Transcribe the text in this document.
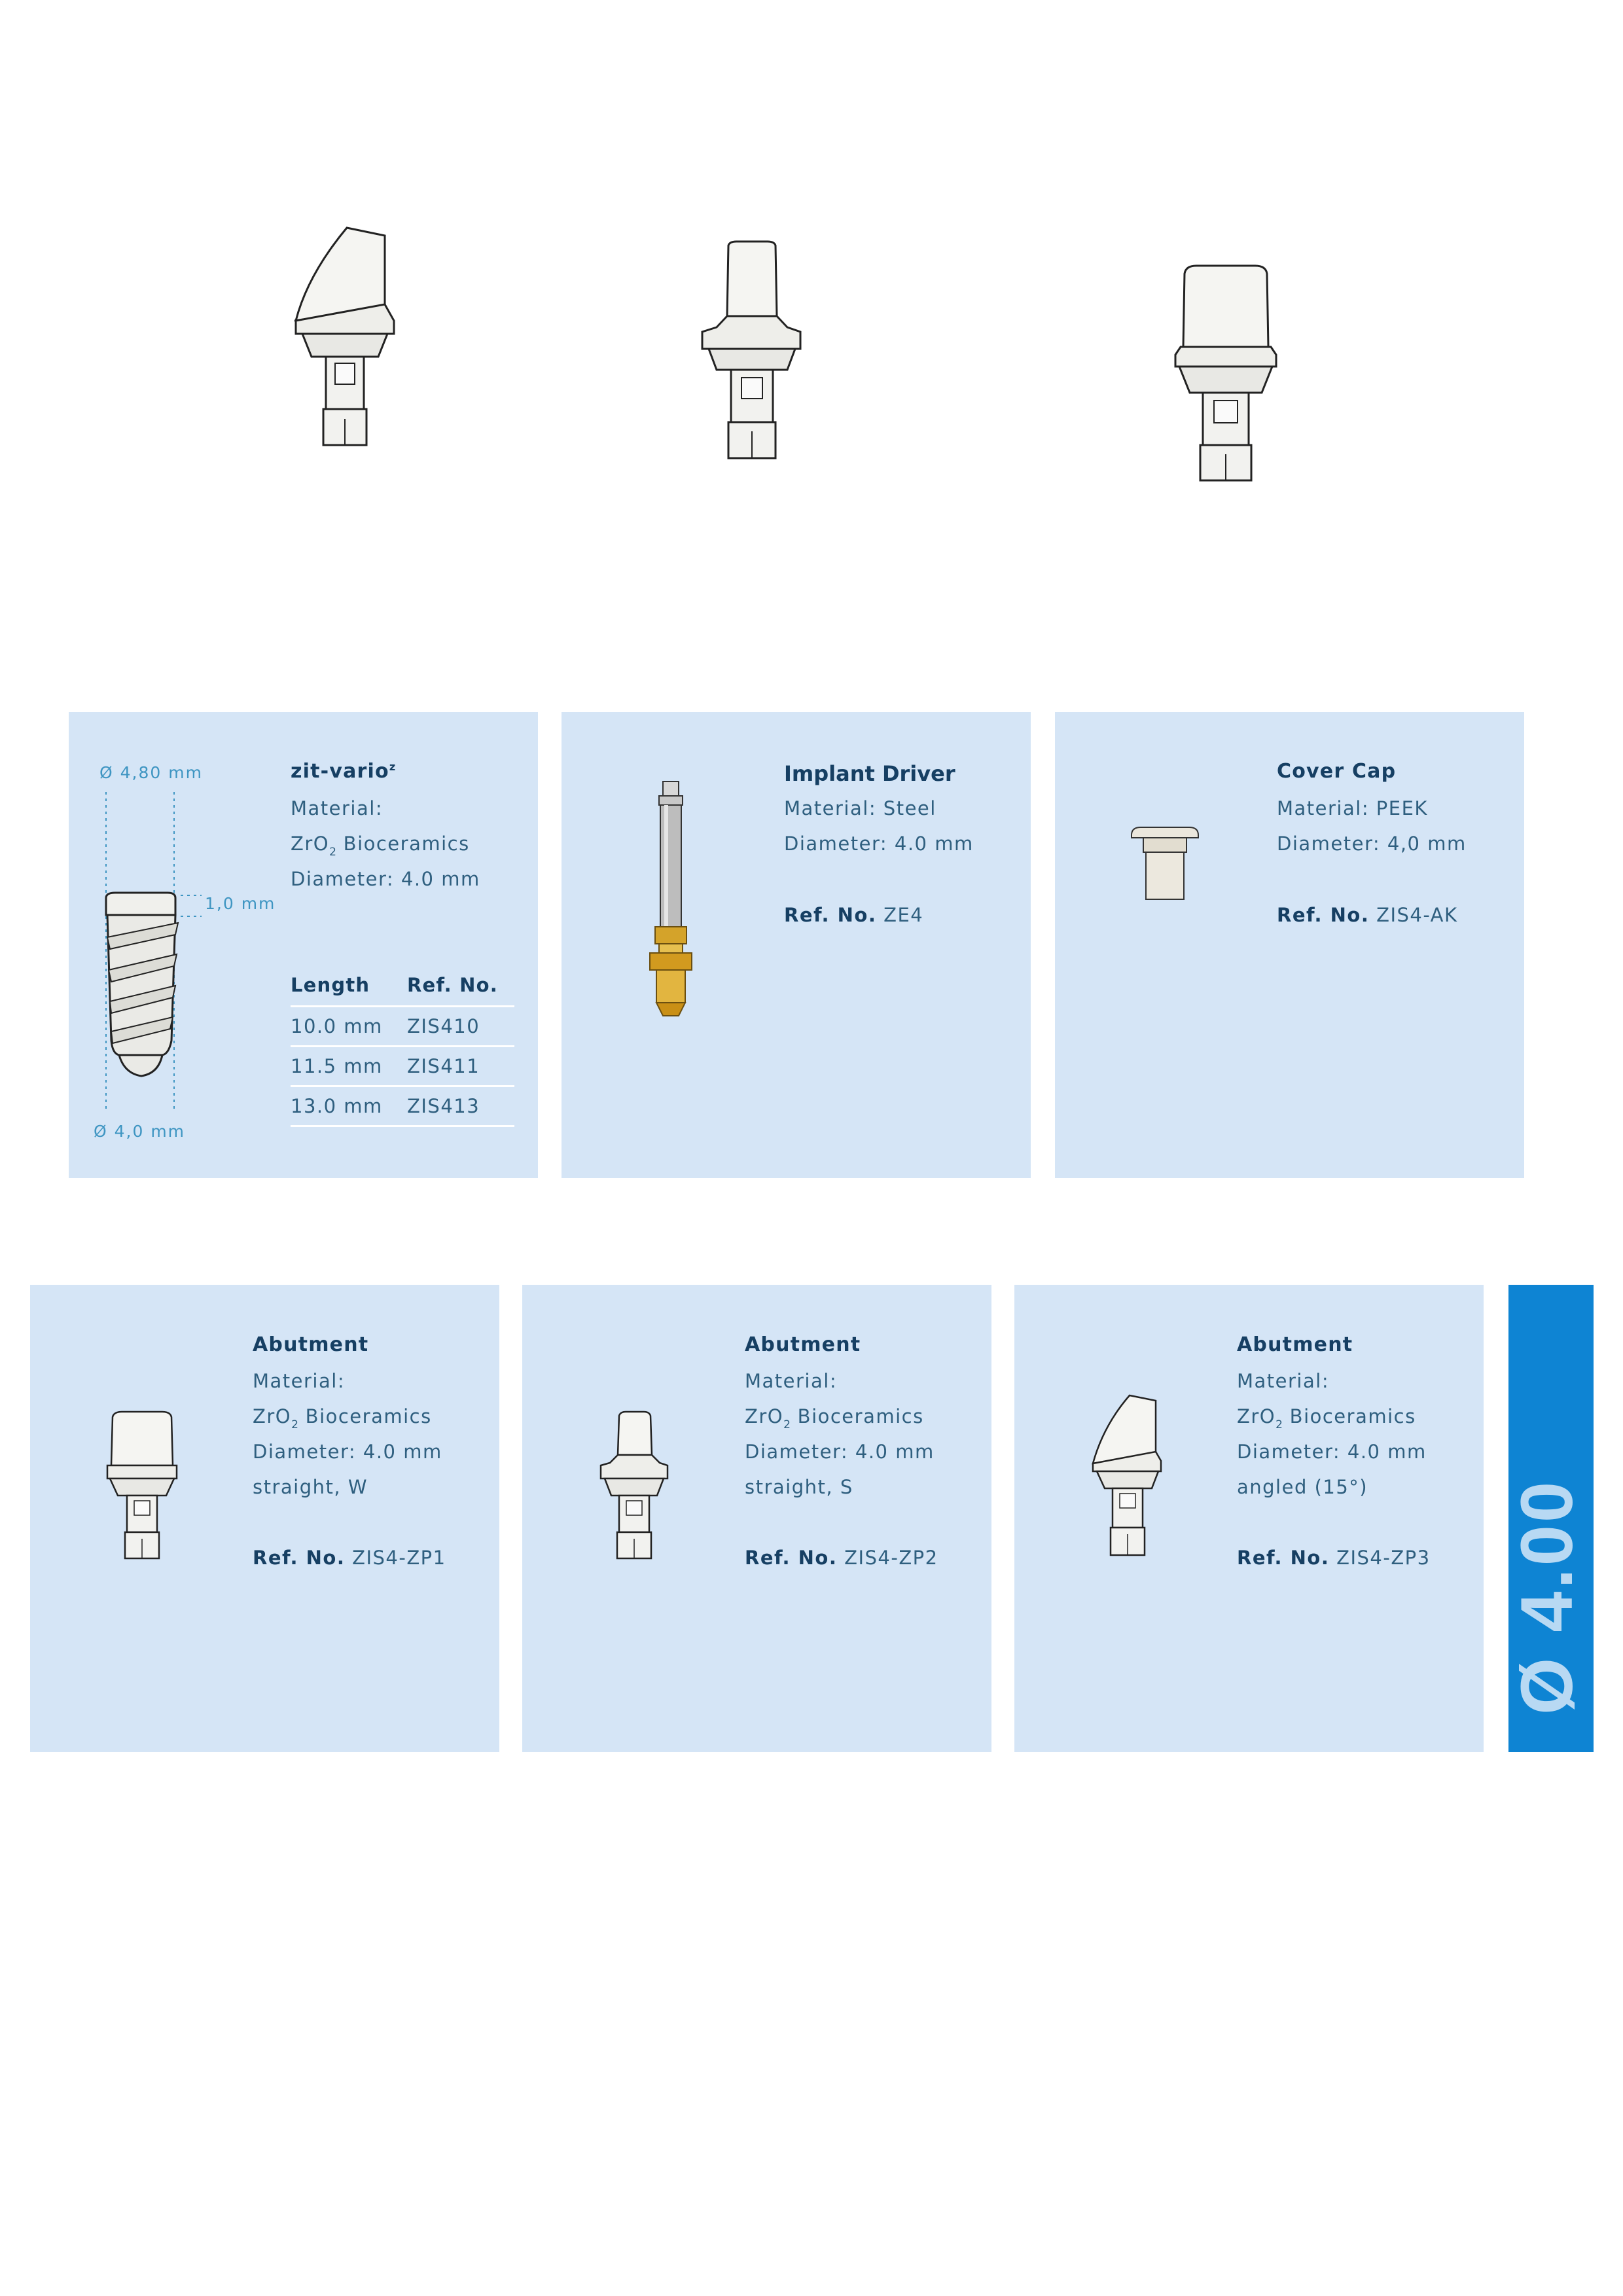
Ø 4,80 mm
1,0 mm
Ø 4,0 mm
zit-vario$^z$
Material:
ZrO$_2$ Bioceramics
Diameter: 4.0 mm
Length	Ref. No.
10.0 mm	ZIS410
11.5 mm	ZIS411
13.0 mm	ZIS413
Implant Driver
Material: Steel
Diameter: 4.0 mm
Ref. No. ZE4
Cover Cap
Material: PEEK
Diameter: 4,0 mm
Ref. No. ZIS4-AK
Abutment
Material:
ZrO$_2$ Bioceramics
Diameter: 4.0 mm
straight, W
Ref. No. ZIS4-ZP1
Abutment
Material:
ZrO$_2$ Bioceramics
Diameter: 4.0 mm
straight, S
Ref. No. ZIS4-ZP2
Abutment
Material:
ZrO$_2$ Bioceramics
Diameter: 4.0 mm
angled (15°)
Ref. No. ZIS4-ZP3 Ø 4.00
